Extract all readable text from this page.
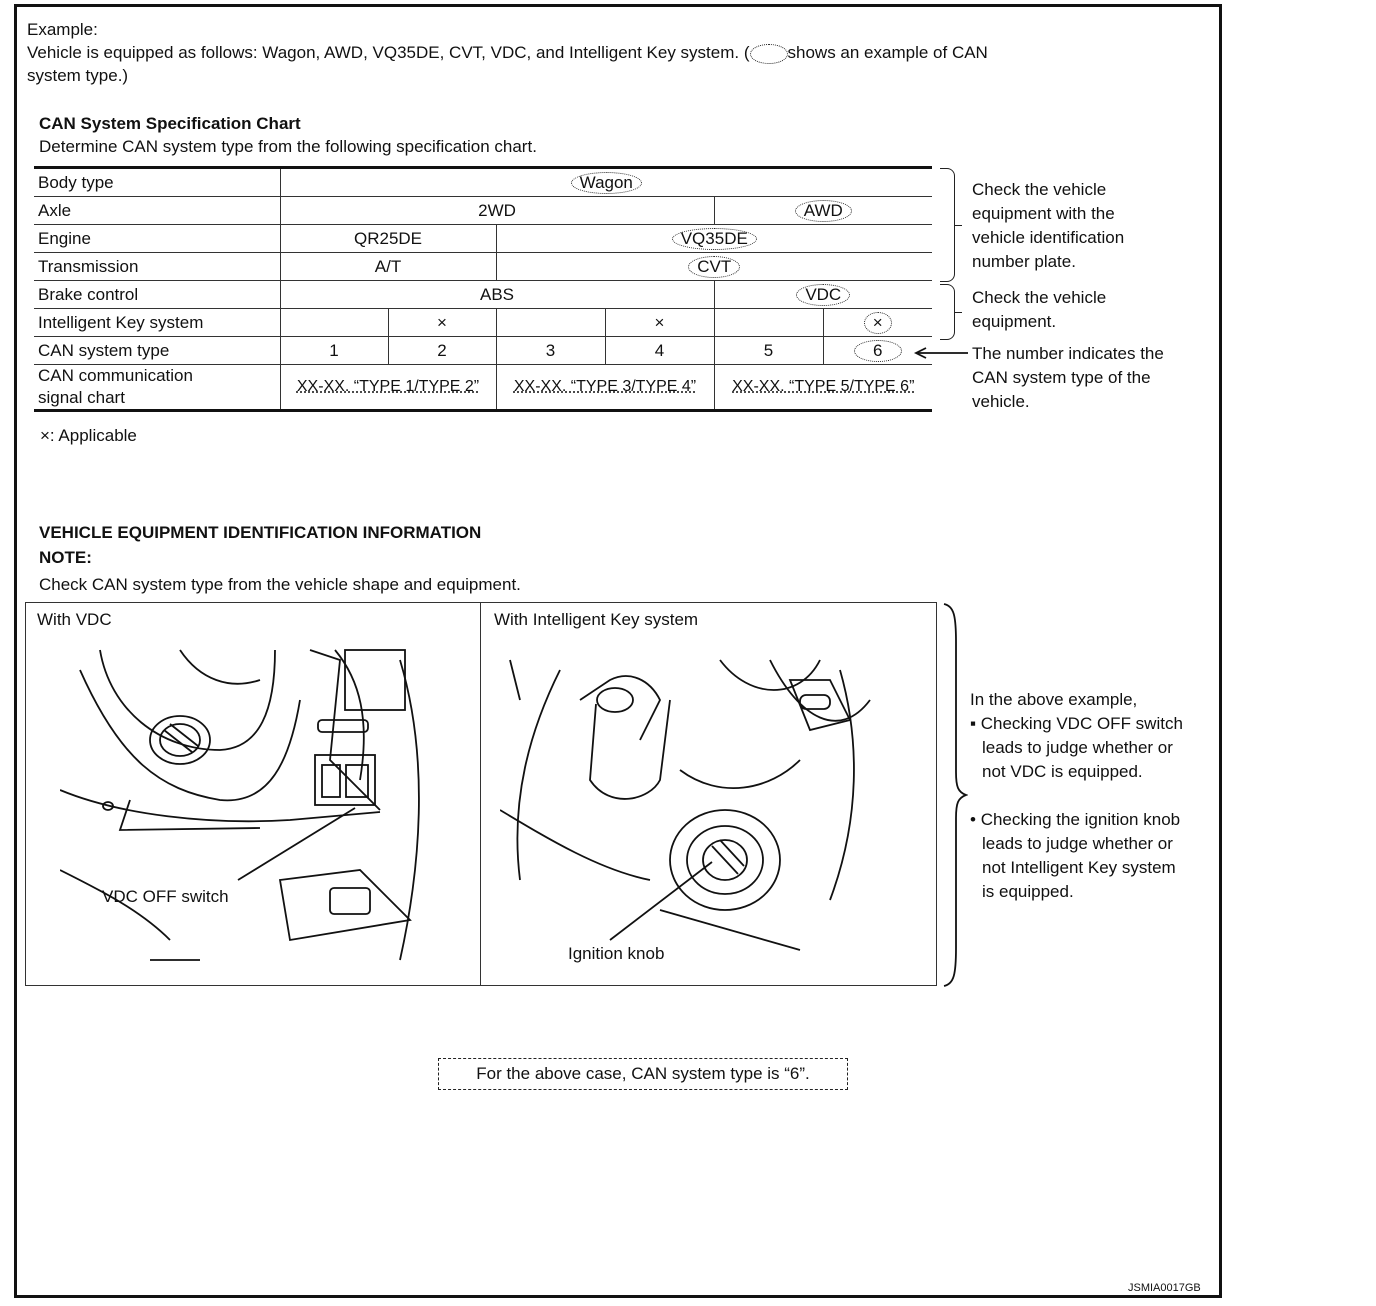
Example:
Vehicle is equipped as follows: Wagon, AWD, VQ35DE, CVT, VDC, and Intelligent Key system. ( shows an example of CAN
system type.)
CAN System Specification Chart
Determine CAN system type from the following specification chart.
Body type	Wagon					
Axle	2WD				AWD	
Engine	QR25DE		VQ35DE			
Transmission	A/T		CVT			
Brake control	ABS				VDC	
Intelligent Key system		×		×		×
CAN system type	1	2	3	4	5	6
CAN communication
signal chart	XX-XX. “TYPE 1/TYPE 2”		XX-XX. “TYPE 3/TYPE 4”		XX-XX. “TYPE 5/TYPE 6”	
×: Applicable
Check the vehicle
equipment with the
vehicle identification
number plate.
Check the vehicle
equipment.
The number indicates the
CAN system type of the
vehicle.
VEHICLE EQUIPMENT IDENTIFICATION INFORMATION
NOTE:
Check CAN system type from the vehicle shape and equipment.
With VDC	With Intelligent Key system
VDC OFF switch
Ignition knob
In the above example,
▪ Checking VDC OFF switch
leads to judge whether or
not VDC is equipped.
• Checking the ignition knob
leads to judge whether or
not Intelligent Key system
is equipped.
For the above case, CAN system type is “6”.
JSMIA0017GB
